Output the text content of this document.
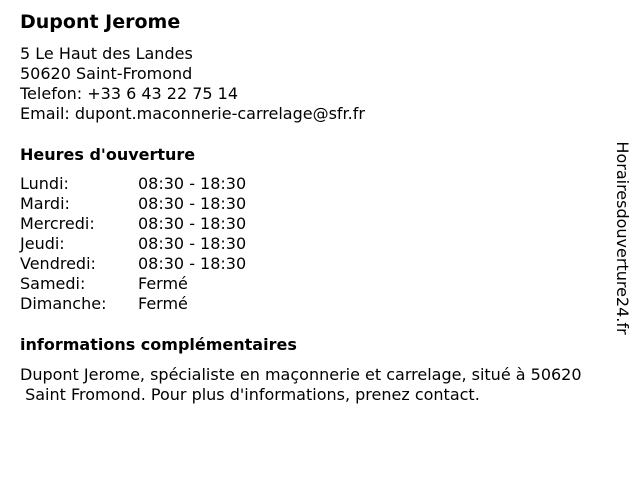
Dupont Jerome
5 Le Haut des Landes
50620 Saint-Fromond
Telefon: +33 6 43 22 75 14
Email: dupont.maconnerie-carrelage@sfr.fr
Heures d'ouverture
Lundi:	08:30 - 18:30
Mardi:	08:30 - 18:30
Mercredi:	08:30 - 18:30
Jeudi:	08:30 - 18:30
Vendredi:	08:30 - 18:30
Samedi:	Fermé
Dimanche: Fermé
informations complémentaires
Dupont Jerome, spécialiste en maçonnerie et carrelage, situé à 50620
Saint Fromond. Pour plus d'informations, prenez contact.
Horairesdouverture24.fr
